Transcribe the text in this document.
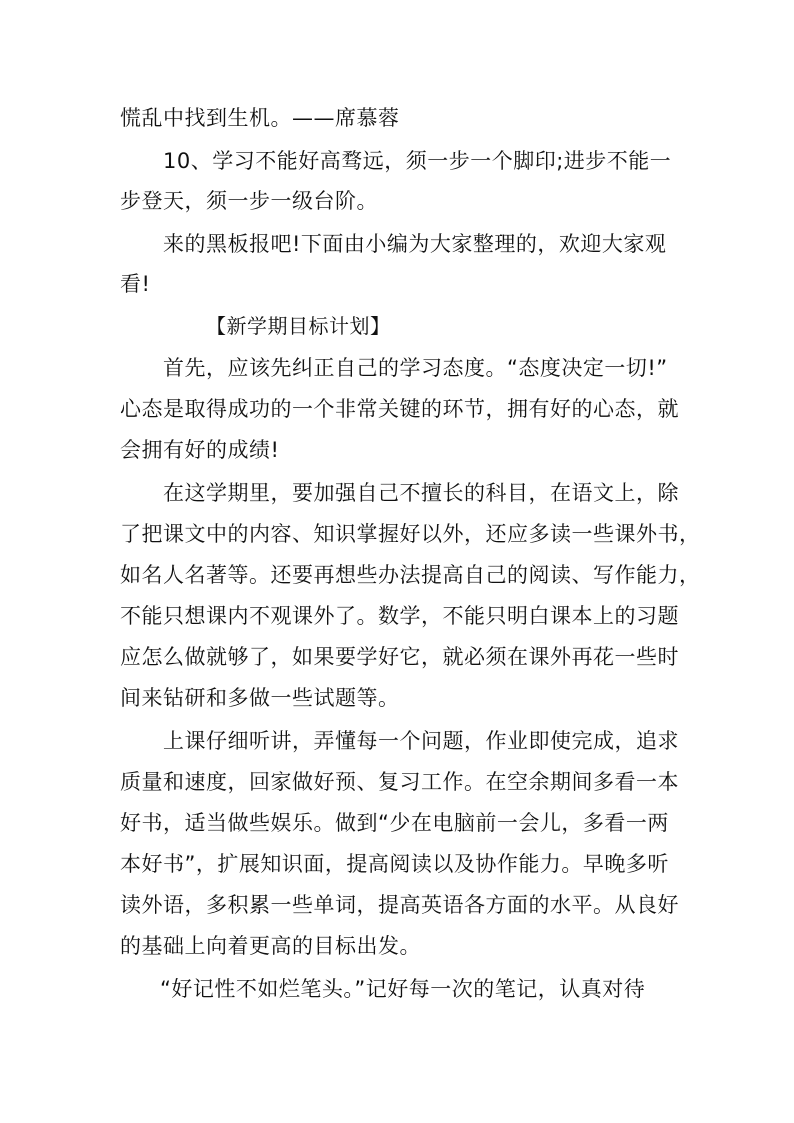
慌乱中找到生机。——席慕蓉
10、学习不能好高骛远，须一步一个脚印;进步不能一
步登天，须一步一级台阶。
来的黑板报吧!下面由小编为大家整理的，欢迎大家观
看!
【新学期目标计划】
首先，应该先纠正自己的学习态度。“态度决定一切!”
心态是取得成功的一个非常关键的环节，拥有好的心态，就
会拥有好的成绩!
在这学期里，要加强自己不擅长的科目，在语文上，除
了把课文中的内容、知识掌握好以外，还应多读一些课外书，
如名人名著等。还要再想些办法提高自己的阅读、写作能力，
不能只想课内不观课外了。数学，不能只明白课本上的习题
应怎么做就够了，如果要学好它，就必须在课外再花一些时
间来钻研和多做一些试题等。
上课仔细听讲，弄懂每一个问题，作业即使完成，追求
质量和速度，回家做好预、复习工作。在空余期间多看一本
好书，适当做些娱乐。做到“少在电脑前一会儿，多看一两
本好书”，扩展知识面，提高阅读以及协作能力。早晚多听
读外语，多积累一些单词，提高英语各方面的水平。从良好
的基础上向着更高的目标出发。
“好记性不如烂笔头。”记好每一次的笔记，认真对待
